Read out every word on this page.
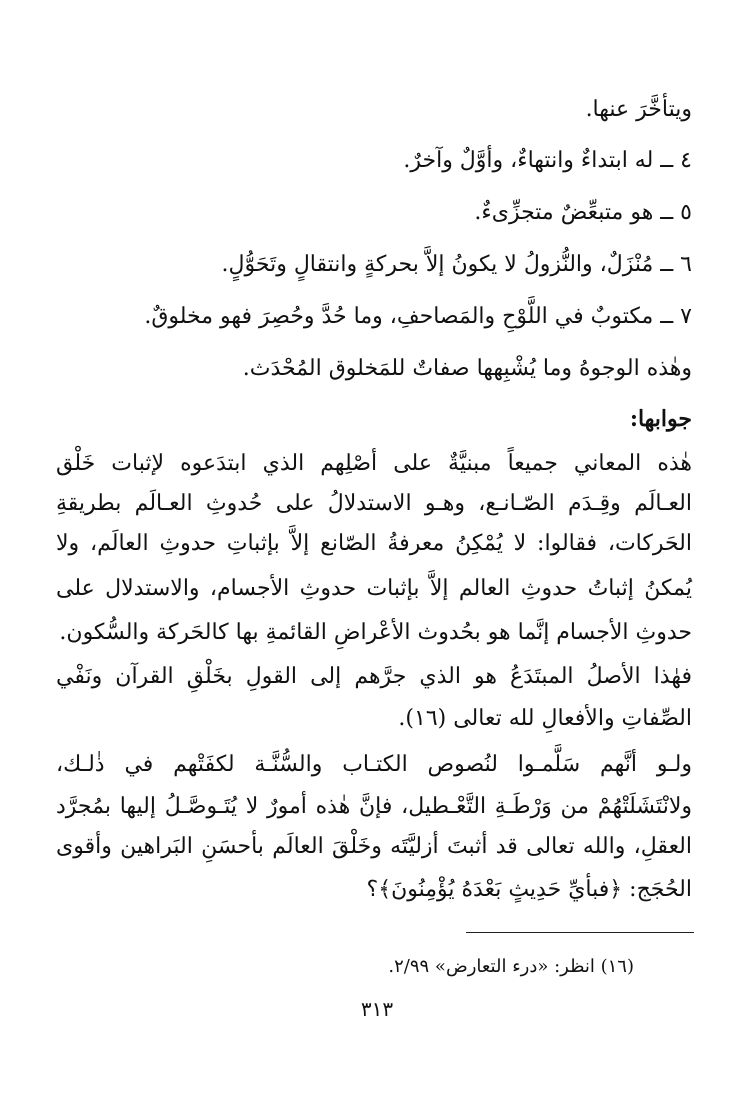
ويتأخَّرَ عنها.
٤ ــ له ابتداءٌ وانتهاءٌ، وأوَّلٌ وآخرٌ.
٥ ــ هو متبعِّضٌ متجزِّىءٌ.
٦ ــ مُنْزَلٌ، والنُّزولُ لا يكونُ إلاَّ بحركةٍ وانتقالٍ وتَحَوُّلٍ.
٧ ــ مكتوبٌ في اللَّوْحِ والمَصاحفِ، وما حُدَّ وحُصِرَ فهو مخلوقٌ.
وهٰذه الوجوهُ وما يُشْبِهها صفاتٌ للمَخلوق المُحْدَث.
جوابها:
هٰذه المعاني جميعاً مبنيَّةٌ على أصْلِهم الذي ابتدَعوه لإثبات خَلْق
العـالَم وقِـدَم الصّـانـع، وهـو الاستدلالُ على حُدوثِ العـالَم بطريقةِ
الحَركات، فقالوا: لا يُمْكِنُ معرفةُ الصّانع إلاَّ بإثباتِ حدوثِ العالَم، ولا
يُمكنُ إثباتُ حدوثِ العالم إلاَّ بإثبات حدوثِ الأجسام، والاستدلال على
حدوثِ الأجسام إنَّما هو بحُدوث الأعْراضِ القائمةِ بها كالحَركة والسُّكون.
فهٰذا الأصلُ المبتَدَعُ هو الذي جرَّهم إلى القولِ بخَلْقِ القرآن ونَفْي
الصِّفاتِ والأفعالِ لله تعالى (١٦).
ولـو أنَّهم سَلَّمـوا لنُصوص الكتـاب والسُّنَّـة لكفَتْهم في ذٰلـك،
ولانْتَشَلَتْهُمْ من وَرْطَـةِ التَّعْـطيل، فإنَّ هٰذه أمورٌ لا يُتَـوصَّـلُ إليها بمُجرَّد
العقلِ، والله تعالى قد أثبتَ أزليَّتَه وخَلْقَ العالَم بأحسَنِ البَراهين وأقوى
الحُجَج: ﴿فبأيِّ حَدِيثٍ بَعْدَهُ يُؤْمِنُونَ﴾؟
(١٦) انظر: «درء التعارض» ٢/٩٩.
٣١٣
